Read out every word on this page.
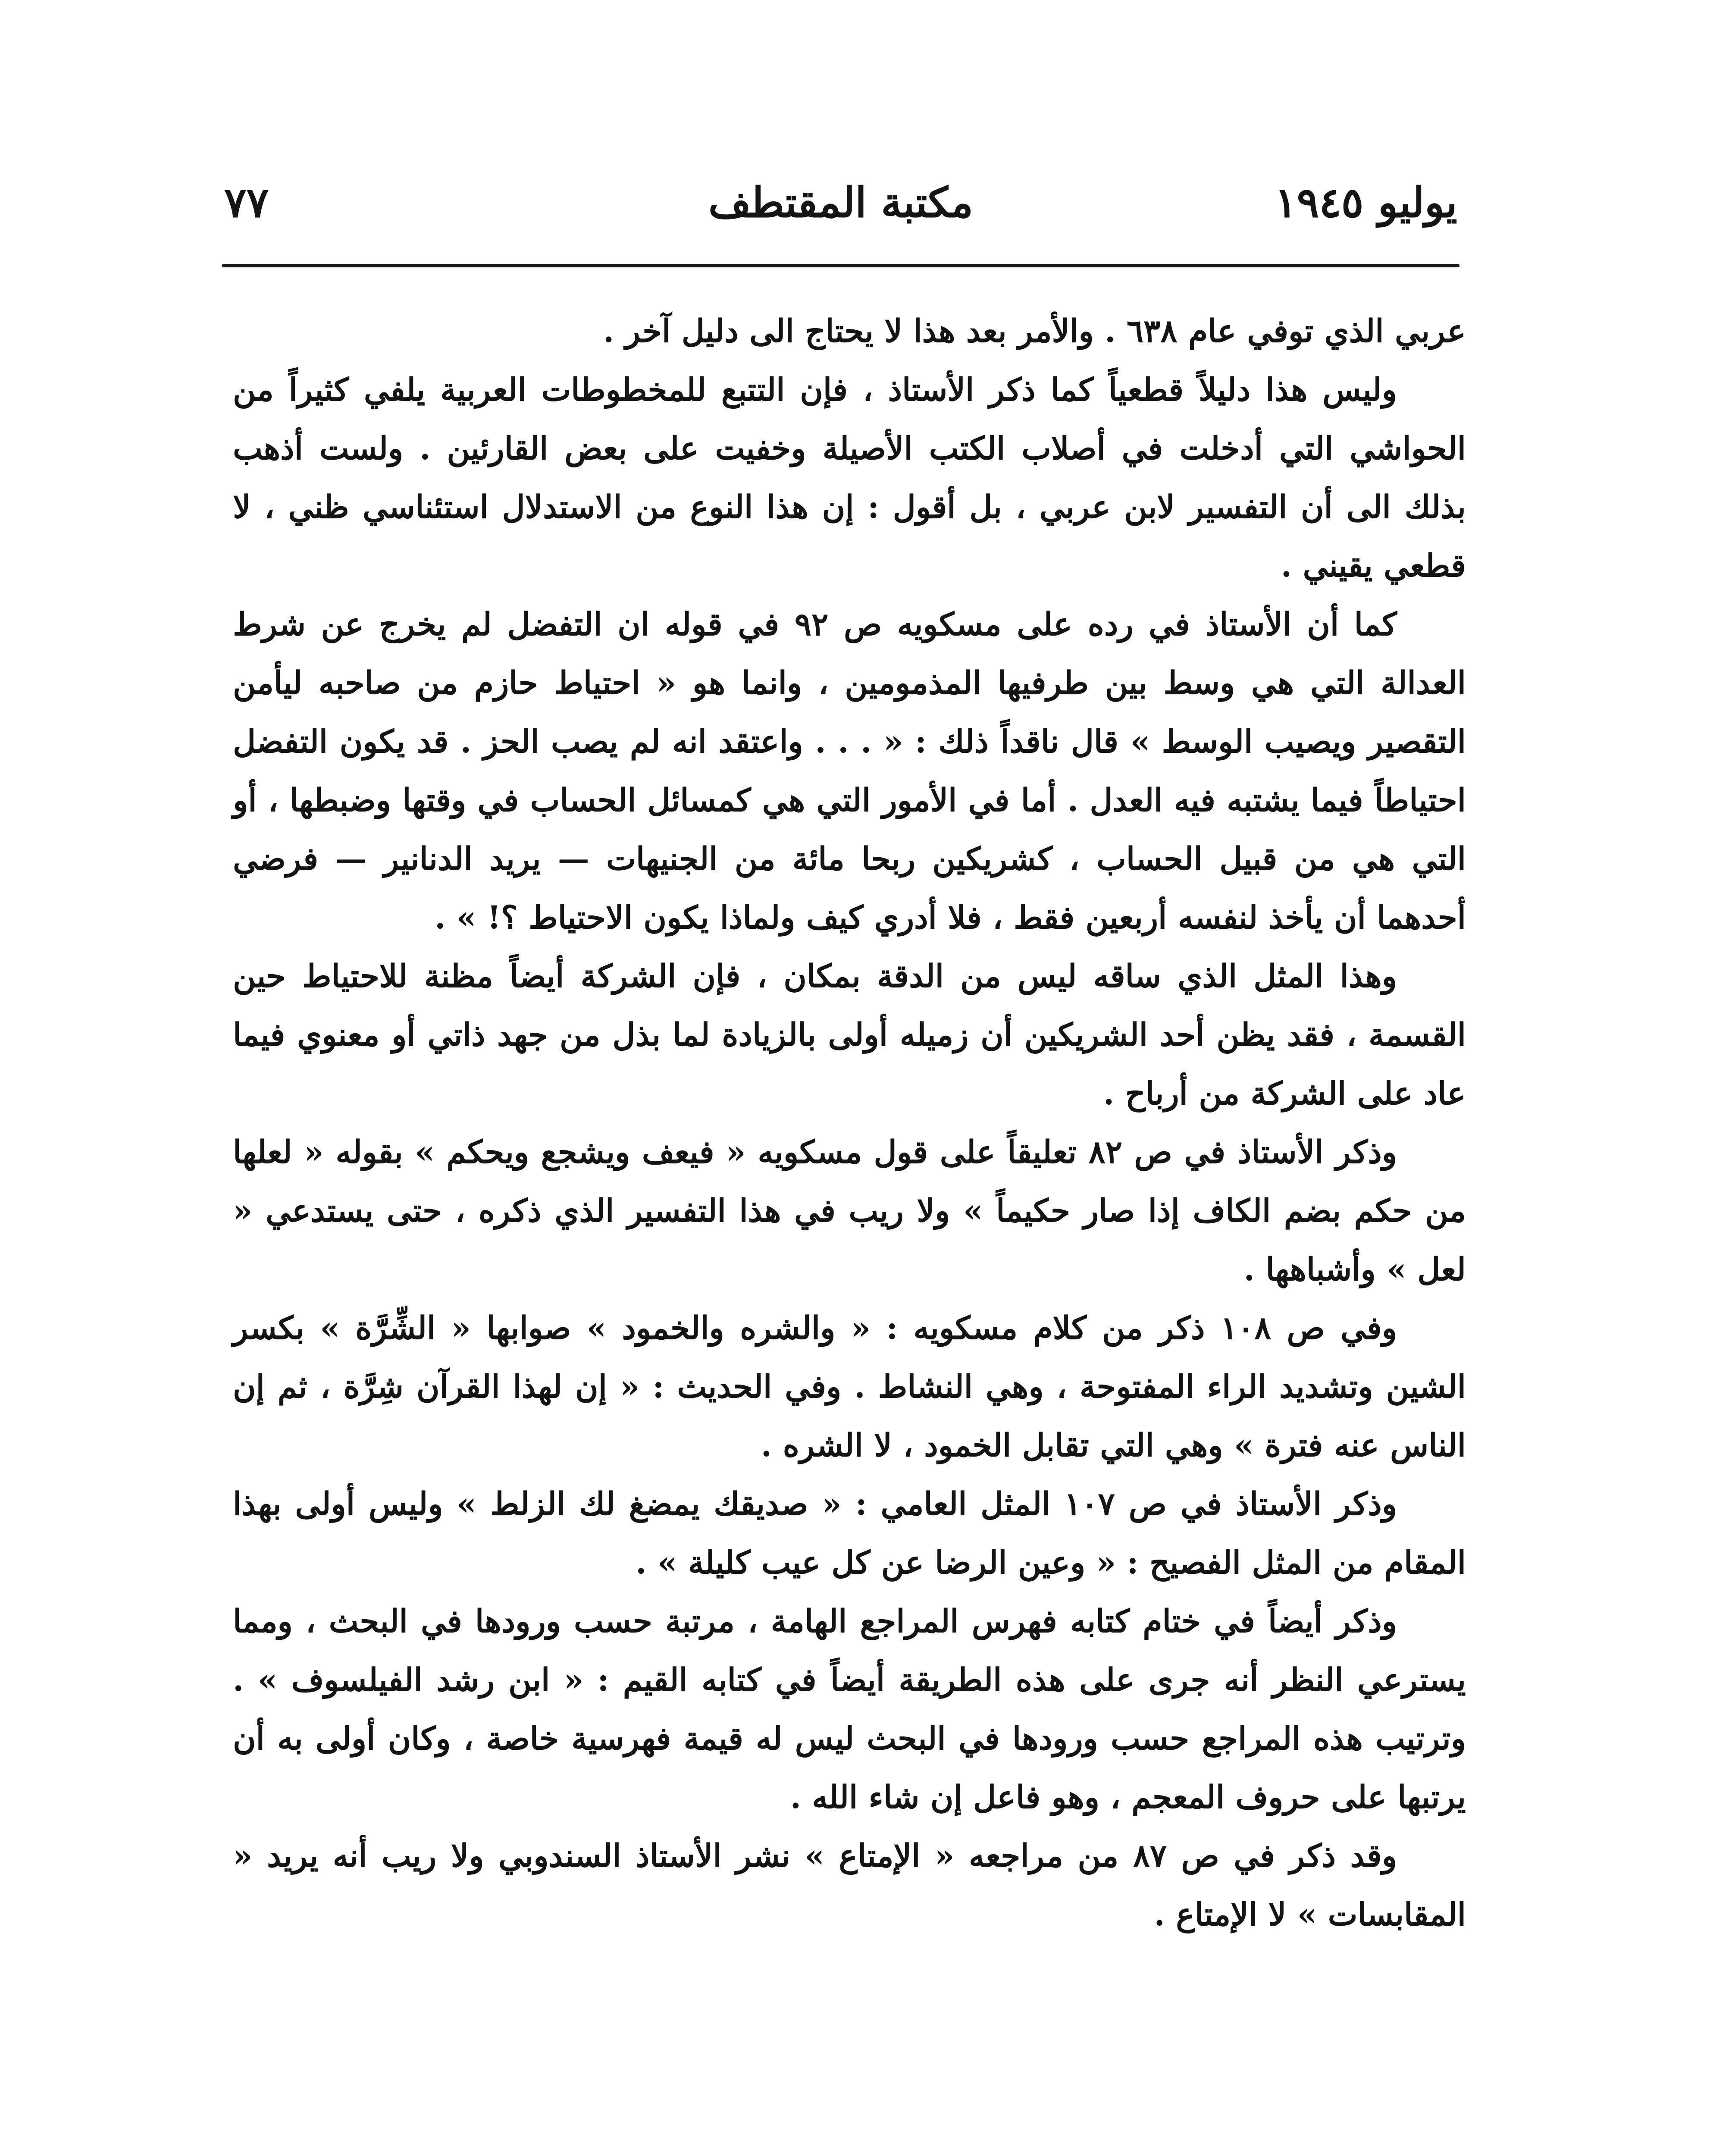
٧٧	مكتبة المقتطف	يوليو ١٩٤٥

عربي الذي توفي عام ٦٣٨ . والأمر بعد هذا لا يحتاج الى دليل آخر .

وليس هذا دليلاً قطعياً كما ذكر الأستاذ ، فإن التتبع للمخطوطات العربية يلفي كثيراً من الحواشي التي أدخلت في أصلاب الكتب الأصيلة وخفيت على بعض القارئين . ولست أذهب بذلك الى أن التفسير لابن عربي ، بل أقول : إن هذا النوع من الاستدلال استئناسي ظني ، لا قطعي يقيني .

كما أن الأستاذ في رده على مسكويه ص ٩٢ في قوله ان التفضل لم يخرج عن شرط العدالة التي هي وسط بين طرفيها المذمومين ، وانما هو « احتياط حازم من صاحبه ليأمن التقصير ويصيب الوسط » قال ناقداً ذلك : « . . . واعتقد انه لم يصب الحز . قد يكون التفضل احتياطاً فيما يشتبه فيه العدل . أما في الأمور التي هي كمسائل الحساب في وقتها وضبطها ، أو التي هي من قبيل الحساب ، كشريكين ربحا مائة من الجنيهات — يريد الدنانير — فرضي أحدهما أن يأخذ لنفسه أربعين فقط ، فلا أدري كيف ولماذا يكون الاحتياط ؟! » .

وهذا المثل الذي ساقه ليس من الدقة بمكان ، فإن الشركة أيضاً مظنة للاحتياط حين القسمة ، فقد يظن أحد الشريكين أن زميله أولى بالزيادة لما بذل من جهد ذاتي أو معنوي فيما عاد على الشركة من أرباح .

وذكر الأستاذ في ص ٨٢ تعليقاً على قول مسكويه « فيعف ويشجع ويحكم » بقوله « لعلها من حكم بضم الكاف إذا صار حكيماً » ولا ريب في هذا التفسير الذي ذكره ، حتى يستدعي « لعل » وأشباهها .

وفي ص ١٠٨ ذكر من كلام مسكويه : « والشره والخمود » صوابها « الشِّرَّة » بكسر الشين وتشديد الراء المفتوحة ، وهي النشاط . وفي الحديث : « إن لهذا القرآن شِرَّة ، ثم إن الناس عنه فترة » وهي التي تقابل الخمود ، لا الشره .

وذكر الأستاذ في ص ١٠٧ المثل العامي : « صديقك يمضغ لك الزلط » وليس أولى بهذا المقام من المثل الفصيح : « وعين الرضا عن كل عيب كليلة » .

وذكر أيضاً في ختام كتابه فهرس المراجع الهامة ، مرتبة حسب ورودها في البحث ، ومما يسترعي النظر أنه جرى على هذه الطريقة أيضاً في كتابه القيم : « ابن رشد الفيلسوف » . وترتيب هذه المراجع حسب ورودها في البحث ليس له قيمة فهرسية خاصة ، وكان أولى به أن يرتبها على حروف المعجم ، وهو فاعل إن شاء الله .

وقد ذكر في ص ٨٧ من مراجعه « الإمتاع » نشر الأستاذ السندوبي ولا ريب أنه يريد « المقابسات » لا الإمتاع .
